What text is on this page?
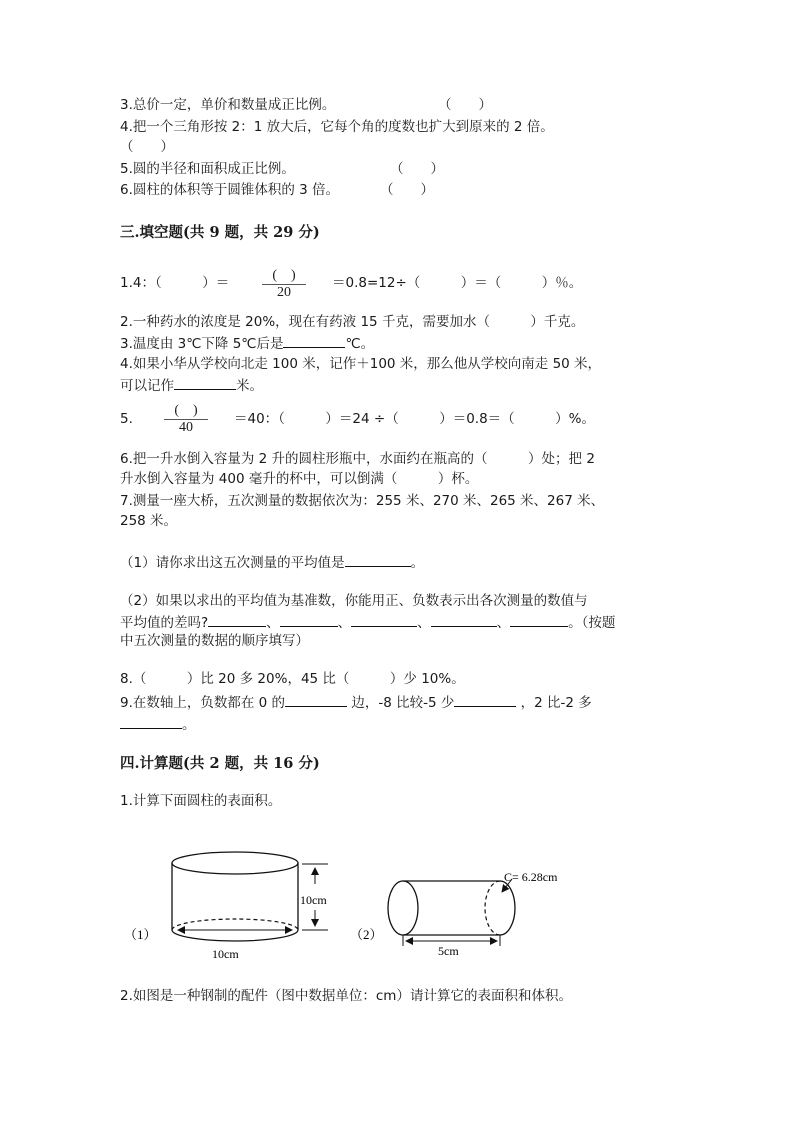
3.总价一定，单价和数量成正比例。	（　　）
4.把一个三角形按 2：1 放大后，它每个角的度数也扩大到原来的 2 倍。
（　　）
5.圆的半径和面积成正比例。	（　　）
6.圆柱的体积等于圆锥体积的 3 倍。	（　　）
三.填空题(共 9 题，共 29 分)
1.4：（　　　）＝	(　)
20
＝0.8=12÷（　　　）＝（　　　）％。
2.一种药水的浓度是 20%，现在有药液 15 千克，需要加水（　　　）千克。
3.温度由 3℃下降 5℃后是	℃。
4.如果小华从学校向北走 100 米，记作＋100 米，那么他从学校向南走 50 米，
可以记作	米。
5.
(　)
40
＝40：（　　　）＝24 ÷（　　　）＝0.8＝（　　　）%。
6.把一升水倒入容量为 2 升的圆柱形瓶中，水面约在瓶高的（　　　）处；把 2
升水倒入容量为 400 毫升的杯中，可以倒满（　　　）杯。
7.测量一座大桥，五次测量的数据依次为：255 米、270 米、265 米、267 米、
258 米。
（1）请你求出这五次测量的平均值是	。
（2）如果以求出的平均值为基准数，你能用正、负数表示出各次测量的数值与
平均值的差吗?	、	、	、	、	。（按题
中五次测量的数据的顺序填写）
8.（　　　）比 20 多 20%，45 比（　　　）少 10%。
9.在数轴上，负数都在 0 的	边，-8 比较-5 少	，2 比-2 多
。
四.计算题(共 2 题，共 16 分)
1.计算下面圆柱的表面积。
（1）
10cm
10cm
（2）
C= 6.28cm
5cm
2.如图是一种钢制的配件（图中数据单位：cm）请计算它的表面积和体积。
